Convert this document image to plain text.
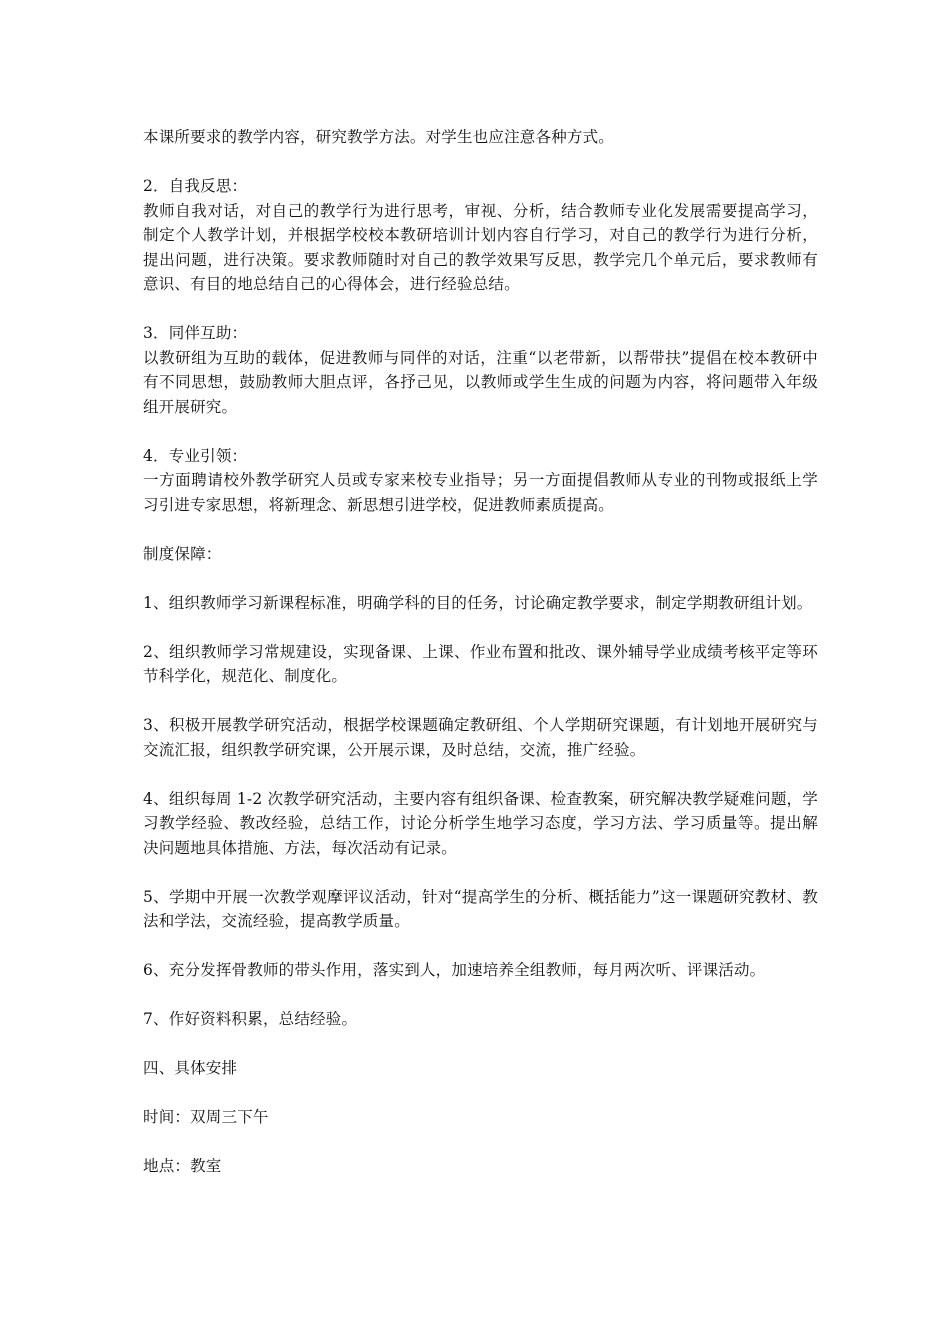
本课所要求的教学内容，研究教学方法。对学生也应注意各种方式。

2．自我反思：

教师自我对话，对自己的教学行为进行思考，审视、分析，结合教师专业化发展需要提高学习，制定个人教学计划，并根据学校校本教研培训计划内容自行学习，对自己的教学行为进行分析，提出问题，进行决策。要求教师随时对自己的教学效果写反思，教学完几个单元后，要求教师有意识、有目的地总结自己的心得体会，进行经验总结。

3．同伴互助：

以教研组为互助的载体，促进教师与同伴的对话，注重“以老带新，以帮带扶”提倡在校本教研中有不同思想，鼓励教师大胆点评，各抒己见，以教师或学生生成的问题为内容，将问题带入年级组开展研究。

4．专业引领：

一方面聘请校外教学研究人员或专家来校专业指导；另一方面提倡教师从专业的刊物或报纸上学习引进专家思想，将新理念、新思想引进学校，促进教师素质提高。

制度保障：

1、组织教师学习新课程标准，明确学科的目的任务，讨论确定教学要求，制定学期教研组计划。

2、组织教师学习常规建设，实现备课、上课、作业布置和批改、课外辅导学业成绩考核平定等环节科学化，规范化、制度化。

3、积极开展教学研究活动，根据学校课题确定教研组、个人学期研究课题，有计划地开展研究与交流汇报，组织教学研究课，公开展示课，及时总结，交流，推广经验。

4、组织每周 1-2 次教学研究活动，主要内容有组织备课、检查教案，研究解决教学疑难问题，学习教学经验、教改经验，总结工作，讨论分析学生地学习态度，学习方法、学习质量等。提出解决问题地具体措施、方法，每次活动有记录。

5、学期中开展一次教学观摩评议活动，针对“提高学生的分析、概括能力”这一课题研究教材、教法和学法，交流经验，提高教学质量。

6、充分发挥骨教师的带头作用，落实到人，加速培养全组教师，每月两次听、评课活动。

7、作好资料积累，总结经验。

四、具体安排

时间：双周三下午

地点：教室
